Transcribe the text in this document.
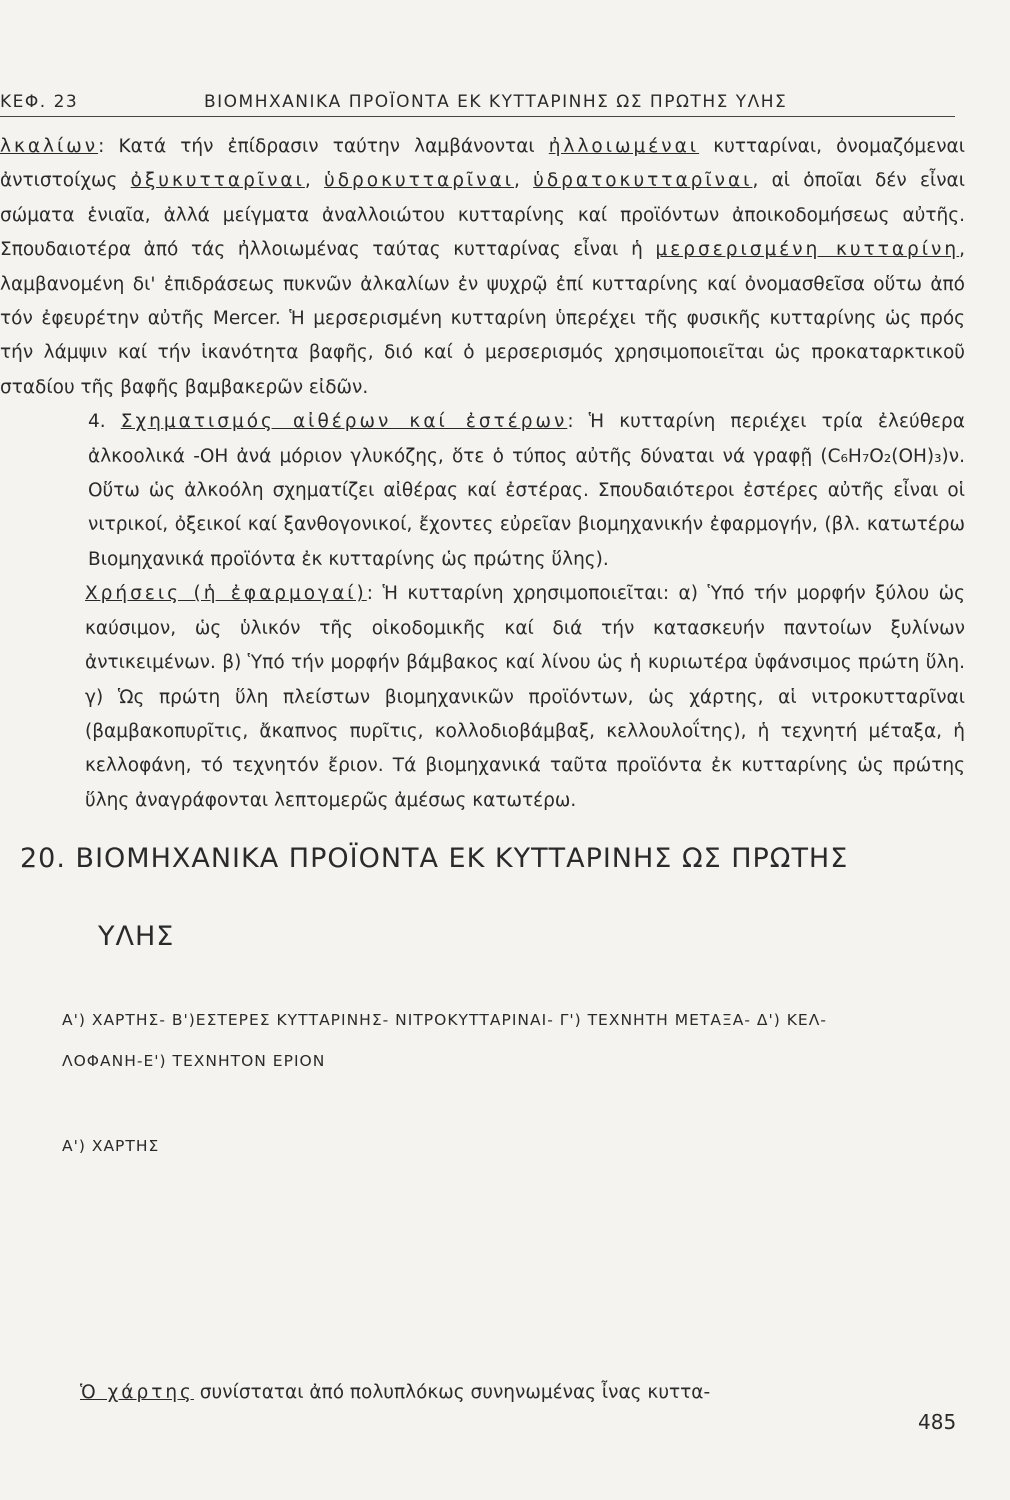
ΚΕΦ. 23	ΒΙΟΜΗΧΑΝΙΚΑ ΠΡΟΪΟΝΤΑ ΕΚ ΚΥΤΤΑΡΙΝΗΣ ΩΣ ΠΡΩΤΗΣ ΥΛΗΣ

λκαλίων: Κατά τήν ἐπίδρασιν ταύτην λαμβάνονται ἠλλοιωμέναι κυτταρίναι, ὀνομαζόμεναι ἀντιστοίχως ὀξυκυτταρῖναι, ὑδροκυτταρῖναι, ὑδρατοκυτταρῖναι, αἱ ὁποῖαι δέν εἶναι σώματα ἑνιαῖα, ἀλλά μείγματα ἀναλλοιώτου κυτταρίνης καί προϊόντων ἀποικοδομήσεως αὐτῆς. Σπουδαιοτέρα ἀπό τάς ἠλλοιωμένας ταύτας κυτταρίνας εἶναι ἡ μερσερισμένη κυτταρίνη, λαμβανομένη δι' ἐπιδράσεως πυκνῶν ἀλκαλίων ἐν ψυχρῷ ἐπί κυτταρίνης καί ὀνομασθεῖσα οὕτω ἀπό τόν ἐφευρέτην αὐτῆς Mercer. Ἡ μερσερισμένη κυτταρίνη ὑπερέχει τῆς φυσικῆς κυτταρίνης ὡς πρός τήν λάμψιν καί τήν ἱκανότητα βαφῆς, διό καί ὁ μερσερισμός χρησιμοποιεῖται ὡς προκαταρκτικοῦ σταδίου τῆς βαφῆς βαμβακερῶν εἰδῶν.

4. Σχηματισμός αἰθέρων καί ἐστέρων: Ἡ κυτταρίνη περιέχει τρία ἐλεύθερα ἀλκοολικά -OH ἀνά μόριον γλυκόζης, ὅτε ὁ τύπος αὐτῆς δύναται νά γραφῇ (C₆H₇O₂(OH)₃)ν. Οὕτω ὡς ἀλκοόλη σχηματίζει αἰθέρας καί ἐστέρας. Σπουδαιότεροι ἐστέρες αὐτῆς εἶναι οἱ νιτρικοί, ὀξεικοί καί ξανθογονικοί, ἔχοντες εὐρεῖαν βιομηχανικήν ἐφαρμογήν, (βλ. κατωτέρω Βιομηχανικά προϊόντα ἐκ κυτταρίνης ὡς πρώτης ὕλης).

Χρήσεις (ἡ ἐφαρμογαί): Ἡ κυτταρίνη χρησιμοποιεῖται: α) Ὑπό τήν μορφήν ξύλου ὡς καύσιμον, ὡς ὑλικόν τῆς οἰκοδομικῆς καί διά τήν κατασκευήν παντοίων ξυλίνων ἀντικειμένων. β) Ὑπό τήν μορφήν βάμβακος καί λίνου ὡς ἡ κυριωτέρα ὑφάνσιμος πρώτη ὕλη. γ) Ὡς πρώτη ὕλη πλείστων βιομηχανικῶν προϊόντων, ὡς χάρτης, αἱ νιτροκυτταρῖναι (βαμβακοπυρῖτις, ἄκαπνος πυρῖτις, κολλοδιοβάμβαξ, κελλουλοΐτης), ἡ τεχνητή μέταξα, ἡ κελλοφάνη, τό τεχνητόν ἔριον. Τά βιομηχανικά ταῦτα προϊόντα ἐκ κυτταρίνης ὡς πρώτης ὕλης ἀναγράφονται λεπτομερῶς ἀμέσως κατωτέρω.

20. ΒΙΟΜΗΧΑΝΙΚΑ ΠΡΟΪΟΝΤΑ ΕΚ ΚΥΤΤΑΡΙΝΗΣ ΩΣ ΠΡΩΤΗΣ
ΥΛΗΣ
Α') ΧΑΡΤΗΣ- Β')ΕΣΤΕΡΕΣ ΚΥΤΤΑΡΙΝΗΣ- ΝΙΤΡΟΚΥΤΤΑΡΙΝΑΙ- Γ') ΤΕΧΝΗΤΗ ΜΕΤΑΞΑ- Δ') ΚΕΛ-
ΛΟΦΑΝΗ-Ε') ΤΕΧΝΗΤΟΝ ΕΡΙΟΝ
Α') ΧΑΡΤΗΣ
Ὁ χάρτης συνίσταται ἀπό πολυπλόκως συνηνωμένας ἶνας κυττα-
485
